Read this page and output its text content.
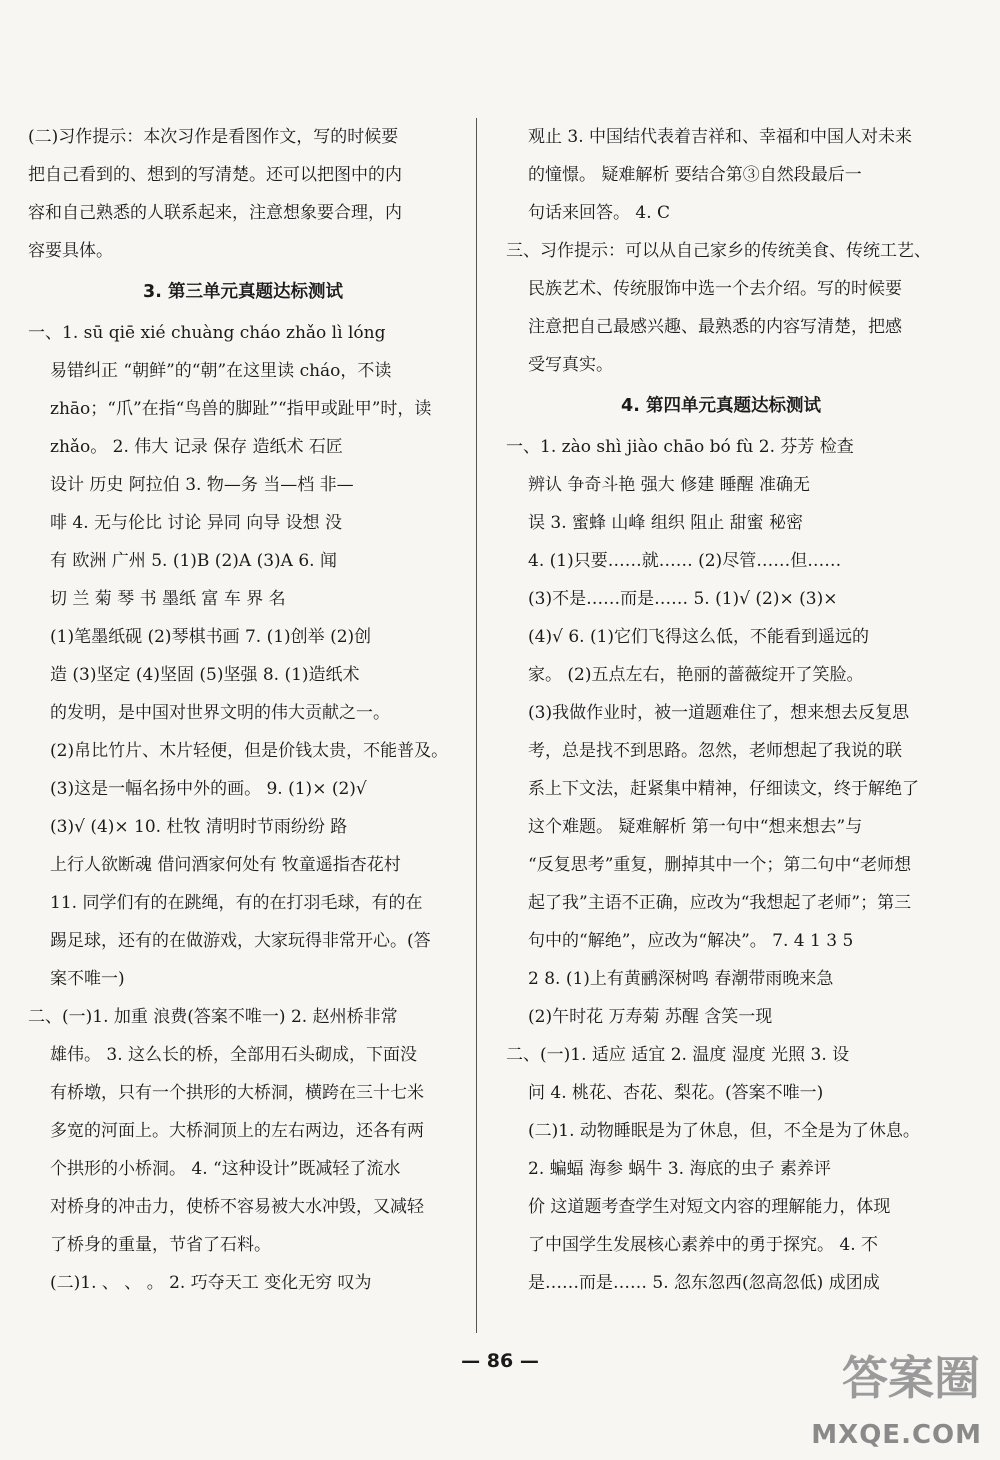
(二)习作提示：本次习作是看图作文，写的时候要
把自己看到的、想到的写清楚。还可以把图中的内
容和自己熟悉的人联系起来，注意想象要合理，内
容要具体。
3. 第三单元真题达标测试
一、1. sū qiē xié chuàng cháo zhǎo lì lóng
易错纠正 “朝鲜”的“朝”在这里读 cháo，不读
zhāo；“爪”在指“鸟兽的脚趾”“指甲或趾甲”时，读
zhǎo。 2. 伟大 记录 保存 造纸术 石匠
设计 历史 阿拉伯 3. 物—务 当—档 非—
啡 4. 无与伦比 讨论 异同 向导 设想 没
有 欧洲 广州 5. (1)B (2)A (3)A 6. 闻
切 兰 菊 琴 书 墨纸 富 车 界 名
(1)笔墨纸砚 (2)琴棋书画 7. (1)创举 (2)创
造 (3)坚定 (4)坚固 (5)坚强 8. (1)造纸术
的发明，是中国对世界文明的伟大贡献之一。
(2)帛比竹片、木片轻便，但是价钱太贵，不能普及。
(3)这是一幅名扬中外的画。 9. (1)× (2)√
(3)√ (4)× 10. 杜牧 清明时节雨纷纷 路
上行人欲断魂 借问酒家何处有 牧童遥指杏花村
11. 同学们有的在跳绳，有的在打羽毛球，有的在
踢足球，还有的在做游戏，大家玩得非常开心。(答
案不唯一)
二、(一)1. 加重 浪费(答案不唯一) 2. 赵州桥非常
雄伟。 3. 这么长的桥，全部用石头砌成，下面没
有桥墩，只有一个拱形的大桥洞，横跨在三十七米
多宽的河面上。大桥洞顶上的左右两边，还各有两
个拱形的小桥洞。 4. “这种设计”既减轻了流水
对桥身的冲击力，使桥不容易被大水冲毁，又减轻
了桥身的重量，节省了石料。
(二)1. 、 、 。 2. 巧夺天工 变化无穷 叹为
观止 3. 中国结代表着吉祥和、幸福和中国人对未来
的憧憬。 疑难解析 要结合第③自然段最后一
句话来回答。 4. C
三、习作提示：可以从自己家乡的传统美食、传统工艺、
民族艺术、传统服饰中选一个去介绍。写的时候要
注意把自己最感兴趣、最熟悉的内容写清楚，把感
受写真实。
4. 第四单元真题达标测试
一、1. zào shì jiào chāo bó fù 2. 芬芳 检查
辨认 争奇斗艳 强大 修建 睡醒 准确无
误 3. 蜜蜂 山峰 组织 阻止 甜蜜 秘密
4. (1)只要……就…… (2)尽管……但……
(3)不是……而是…… 5. (1)√ (2)× (3)×
(4)√ 6. (1)它们飞得这么低，不能看到遥远的
家。 (2)五点左右，艳丽的蔷薇绽开了笑脸。
(3)我做作业时，被一道题难住了，想来想去反复思
考，总是找不到思路。忽然，老师想起了我说的联
系上下文法，赶紧集中精神，仔细读文，终于解绝了
这个难题。 疑难解析 第一句中“想来想去”与
“反复思考”重复，删掉其中一个；第二句中“老师想
起了我”主语不正确，应改为“我想起了老师”；第三
句中的“解绝”，应改为“解决”。 7. 4 1 3 5
2 8. (1)上有黄鹂深树鸣 春潮带雨晚来急
(2)午时花 万寿菊 苏醒 含笑一现
二、(一)1. 适应 适宜 2. 温度 湿度 光照 3. 设
问 4. 桃花、杏花、梨花。(答案不唯一)
(二)1. 动物睡眠是为了休息，但，不全是为了休息。
2. 蝙蝠 海参 蜗牛 3. 海底的虫子 素养评
价 这道题考查学生对短文内容的理解能力，体现
了中国学生发展核心素养中的勇于探究。 4. 不
是……而是…… 5. 忽东忽西(忽高忽低) 成团成
— 86 —	答案圈
MXQE.COM
